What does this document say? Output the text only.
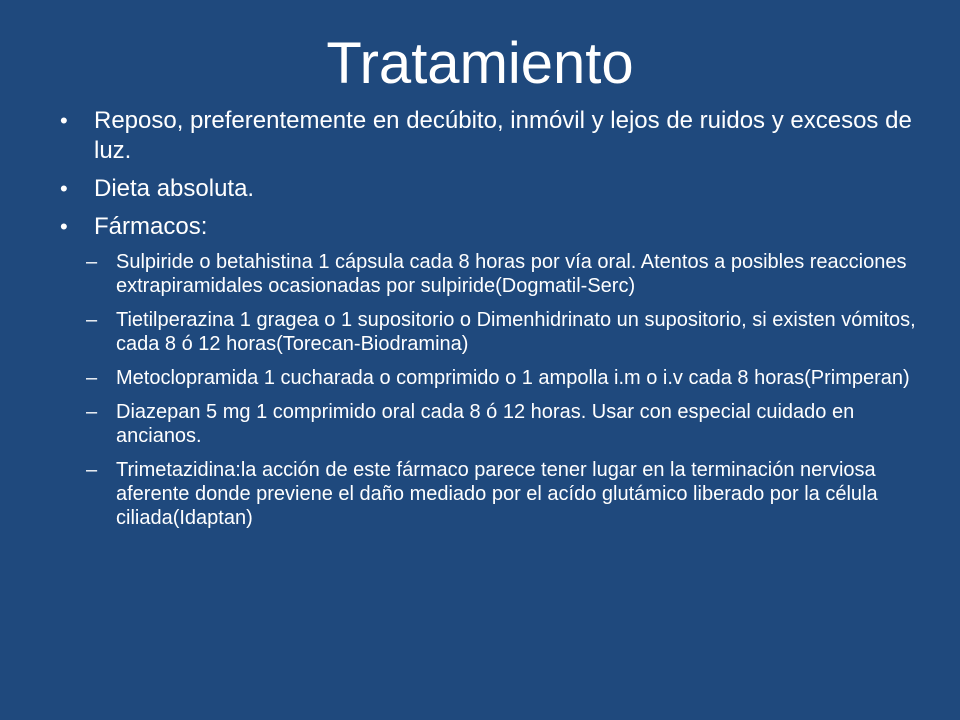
Tratamiento
•	Reposo, preferentemente en decúbito, inmóvil y lejos de ruidos y excesos de luz.
•	Dieta absoluta.
•	Fármacos:
– Sulpiride o betahistina 1 cápsula cada 8 horas por vía oral. Atentos a posibles reacciones extrapiramidales ocasionadas por sulpiride(Dogmatil-Serc)
– Tietilperazina 1 gragea o 1 supositorio o Dimenhidrinato un supositorio, si existen vómitos, cada 8 ó 12 horas(Torecan-Biodramina)
– Metoclopramida 1 cucharada o comprimido o 1 ampolla i.m o i.v cada 8 horas(Primperan)
– Diazepan 5 mg 1 comprimido oral cada 8 ó 12 horas. Usar con especial cuidado en ancianos.
– Trimetazidina:la acción de este fármaco parece tener lugar en la terminación nerviosa aferente donde previene el daño mediado por el acído glutámico liberado por la célula ciliada(Idaptan)
